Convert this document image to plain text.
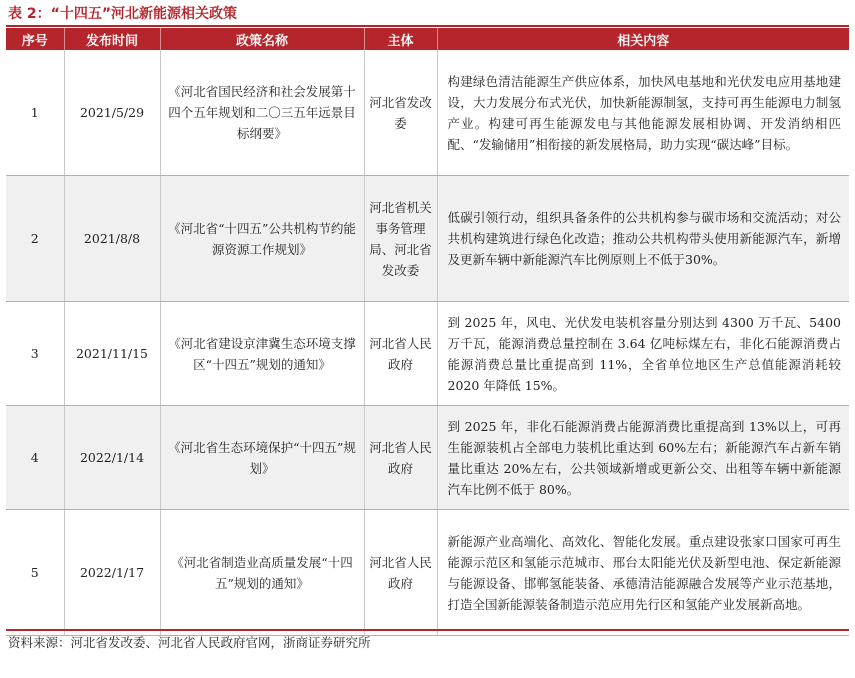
表 2：“十四五”河北新能源相关政策
序号	发布时间	政策名称	主体	相关内容
1	2021/5/29	《河北省国民经济和社会发展第十四个五年规划和二〇三五年远景目标纲要》	河北省发改委	构建绿色清洁能源生产供应体系，加快风电基地和光伏发电应用基地建设，大力发展分布式光伏，加快新能源制氢，支持可再生能源电力制氢产业。构建可再生能源发电与其他能源发展相协调、开发消纳相匹配、“发输储用”相衔接的新发展格局，助力实现“碳达峰”目标。
2	2021/8/8	《河北省“十四五”公共机构节约能源资源工作规划》	河北省机关事务管理局、河北省发改委	低碳引领行动，组织具备条件的公共机构参与碳市场和交流活动；对公共机构建筑进行绿色化改造；推动公共机构带头使用新能源汽车，新增及更新车辆中新能源汽车比例原则上不低于30%。
3	2021/11/15	《河北省建设京津冀生态环境支撑区“十四五”规划的通知》	河北省人民政府	到 2025 年，风电、光伏发电装机容量分别达到 4300 万千瓦、5400 万千瓦，能源消费总量控制在 3.64 亿吨标煤左右，非化石能源消费占能源消费总量比重提高到 11%，全省单位地区生产总值能源消耗较 2020 年降低 15%。
4	2022/1/14	《河北省生态环境保护“十四五”规划》	河北省人民政府	到 2025 年，非化石能源消费占能源消费比重提高到 13%以上，可再生能源装机占全部电力装机比重达到 60%左右；新能源汽车占新车销量比重达 20%左右，公共领域新增或更新公交、出租等车辆中新能源汽车比例不低于 80%。
5	2022/1/17	《河北省制造业高质量发展“十四五”规划的通知》	河北省人民政府	新能源产业高端化、高效化、智能化发展。重点建设张家口国家可再生能源示范区和氢能示范城市、邢台太阳能光伏及新型电池、保定新能源与能源设备、邯郸氢能装备、承德清洁能源融合发展等产业示范基地，打造全国新能源装备制造示范应用先行区和氢能产业发展新高地。
资料来源：河北省发改委、河北省人民政府官网，浙商证券研究所
